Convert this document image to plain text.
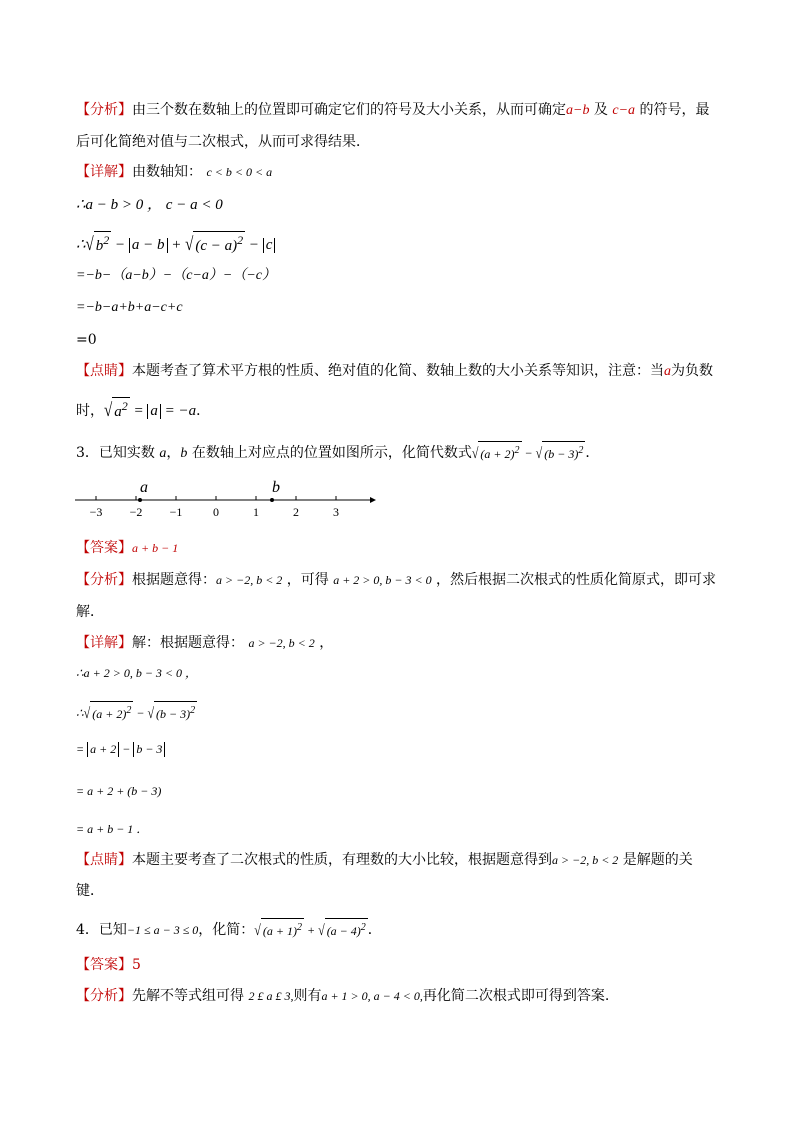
【分析】由三个数在数轴上的位置即可确定它们的符号及大小关系，从而可确定a−b 及 c−a 的符号，最
后可化简绝对值与二次根式，从而可求得结果．
【详解】由数轴知： c < b < 0 < a
∴a − b > 0 ， c − a < 0
∴√ $b^2 - a - b$ + √ $(c - a)^2 - c$
=−b−（a−b）−（c−a）−（−c）
=−b−a+b+a−c+c
=0
【点睛】本题考查了算术平方根的性质、绝对值的化简、数轴上数的大小关系等知识，注意：当a为负数
时，√ $a^2 = a = -a$．
3．已知实数 a，b 在数轴上对应点的位置如图所示，化简代数式√ $(a + 2)^2$ − √ $(b - 3)^2$ ．
−3 −2 −1	0	1	2	3
a	b
【答案】a + b − 1
【分析】根据题意得：a > −2, b < 2 ，可得 a + 2 > 0, b − 3 < 0 ，然后根据二次根式的性质化简原式，即可求
解．
【详解】解：根据题意得： a > −2, b < 2 ，
∴a + 2 > 0, b − 3 < 0 ，
∴√ $(a + 2)^2$ − √ $(b - 3)^2$
= a + 2 − b − 3
= a + 2 + (b − 3)
= a + b − 1 ．
【点睛】本题主要考查了二次根式的性质，有理数的大小比较，根据题意得到a > −2, b < 2 是解题的关
键．
4．已知−1 ≤ a − 3 ≤ 0，化简：√ $(a + 1)^2$ + √ $(a - 4)^2$ ．
【答案】5
【分析】先解不等式组可得 2 £ a £ 3,则有a + 1 > 0, a − 4 < 0,再化简二次根式即可得到答案.
